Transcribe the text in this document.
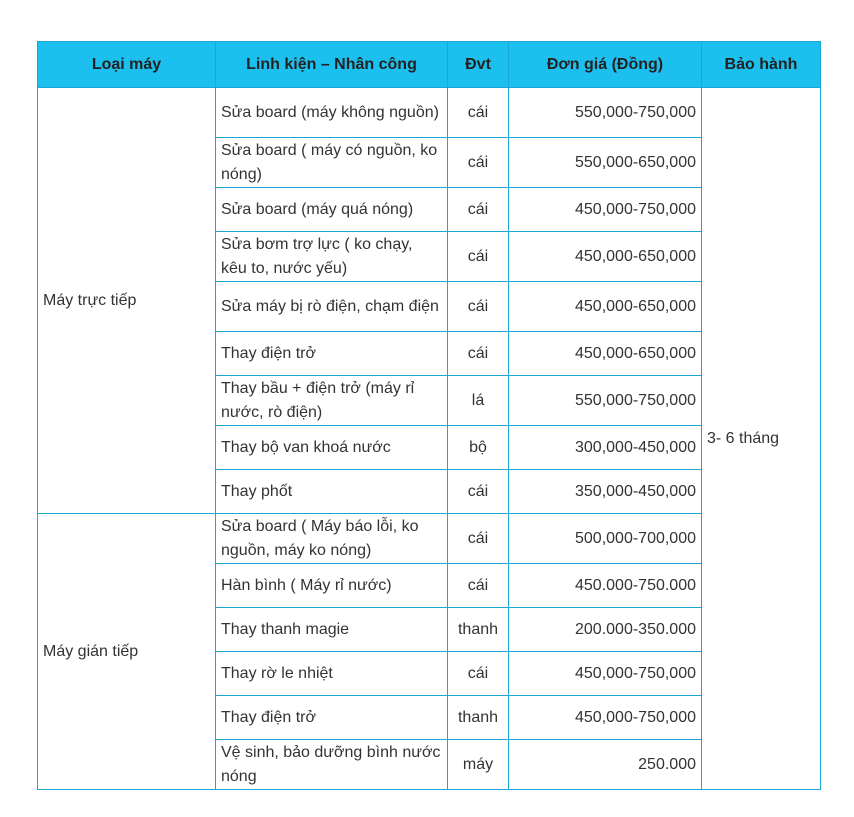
Loại máy	Linh kiện – Nhân công	Đvt	Đơn giá (Đồng)	Bảo hành
Máy trực tiếp	Sửa board (máy không nguồn)	cái	550,000-750,000	3- 6 tháng
	Sửa board ( máy có nguồn, ko nóng)	cái	550,000-650,000	
	Sửa board (máy quá nóng)	cái	450,000-750,000	
	Sửa bơm trợ lực ( ko chạy, kêu to, nước yếu)	cái	450,000-650,000	
	Sửa máy bị rò điện, chạm điện	cái	450,000-650,000	
	Thay điện trở	cái	450,000-650,000	
	Thay bầu + điện trở (máy rỉ nước, rò điện)	lá	550,000-750,000	
	Thay bộ van khoá nước	bộ	300,000-450,000	
	Thay phốt	cái	350,000-450,000	
Máy gián tiếp	Sửa board ( Máy báo lỗi, ko nguồn, máy ko nóng)	cái	500,000-700,000	
	Hàn bình ( Máy rỉ nước)	cái	450.000-750.000	
	Thay thanh magie	thanh	200.000-350.000	
	Thay rờ le nhiệt	cái	450,000-750,000	
	Thay điện trở	thanh	450,000-750,000	
	Vệ sinh, bảo dưỡng bình nước nóng	máy	250.000	
